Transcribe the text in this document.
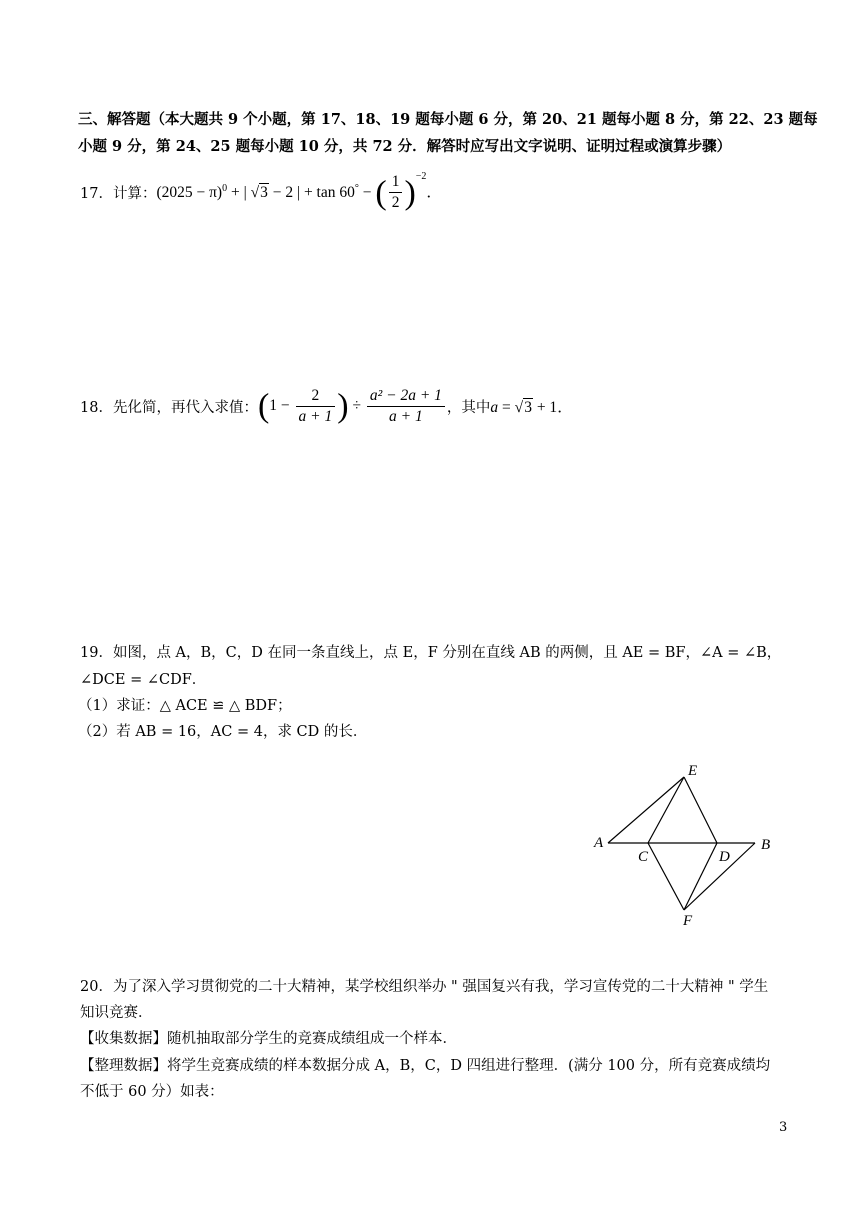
三、解答题（本大题共 9 个小题，第 17、18、19 题每小题 6 分，第 20、21 题每小题 8 分，第 22、23 题每
小题 9 分，第 24、25 题每小题 10 分，共 72 分．解答时应写出文字说明、证明过程或演算步骤）
17．计算： $(2025 - \pi)^0$ + | √3 − 2 | + tan 60° − ( $\frac{1}{2} )^{-2}$．
18．先化简，再代入求值： ($1 - \frac{2}{a + 1}$ ) ÷ $\frac{\text{a² − 2a + 1}}{a + 1}$ ，其中 a = √3 + 1．
19．如图，点 A，B，C，D 在同一条直线上，点 E，F 分别在直线 AB 的两侧，且 AE = BF，∠A = ∠B，
∠DCE = ∠CDF．
（1）求证：△ ACE ≌ △ BDF；
（2）若 AB = 16，AC = 4，求 CD 的长．
A	B
C	D
E
F
20．为了深入学习贯彻党的二十大精神，某学校组织举办 " 强国复兴有我，学习宣传党的二十大精神 " 学生
知识竞赛．
【收集数据】随机抽取部分学生的竞赛成绩组成一个样本．
【整理数据】将学生竞赛成绩的样本数据分成 A，B，C，D 四组进行整理．(满分 100 分，所有竞赛成绩均
不低于 60 分）如表：
3
